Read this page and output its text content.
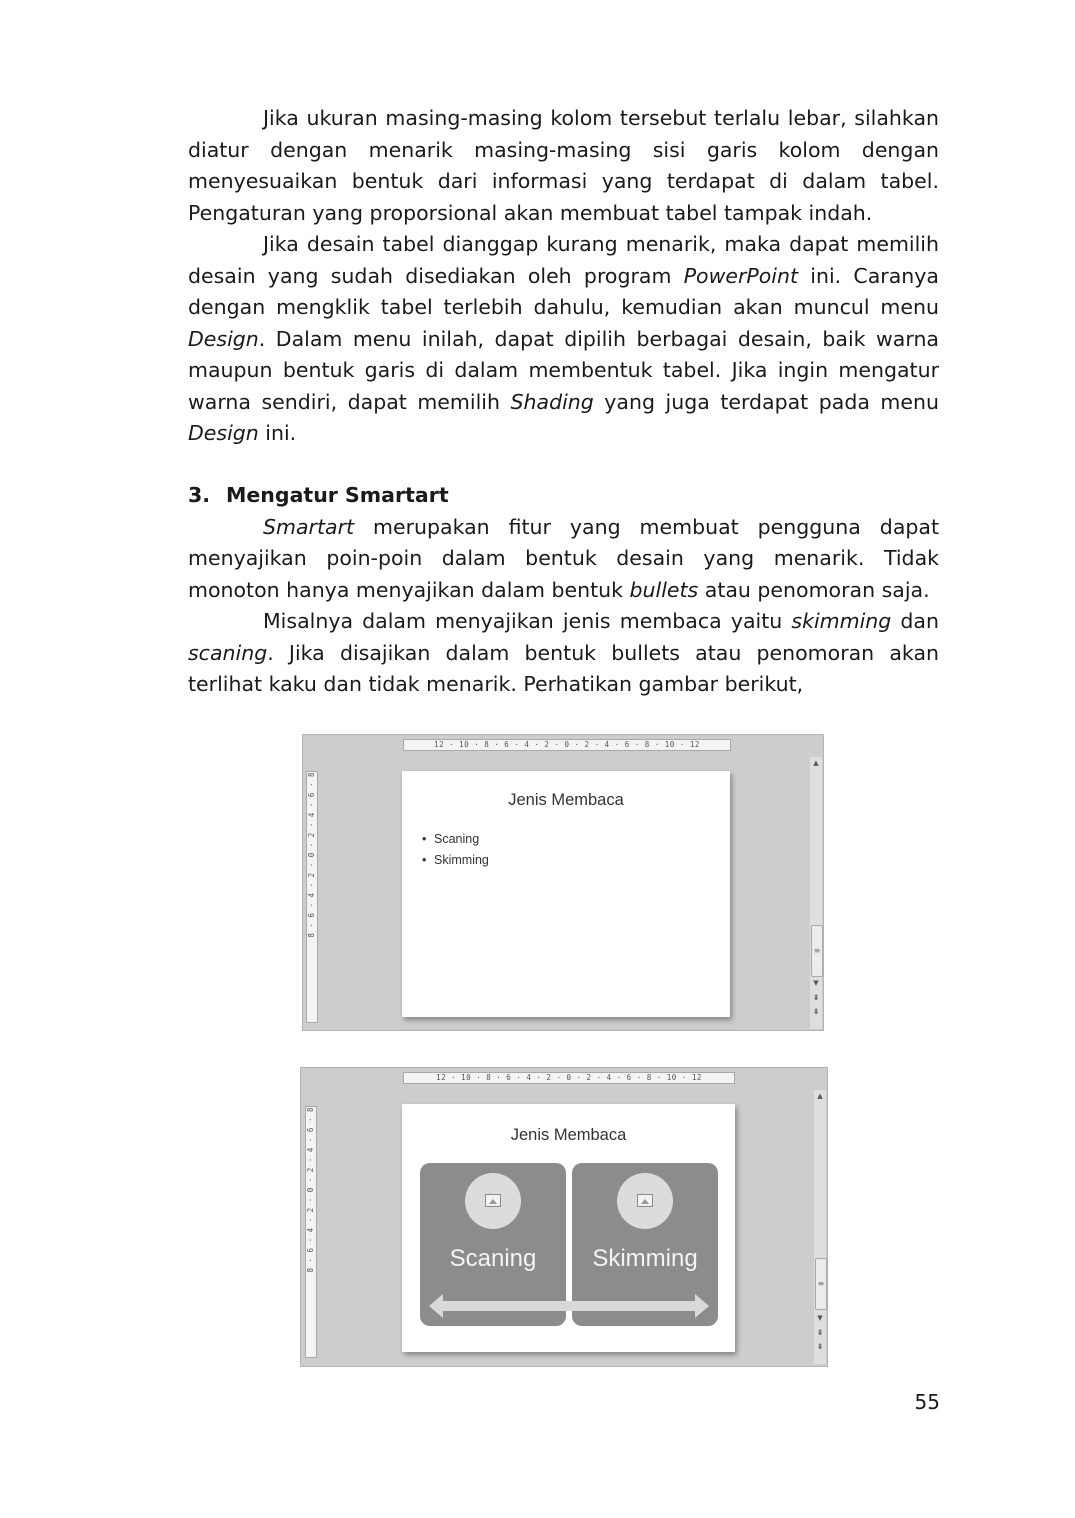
Jika ukuran masing-masing kolom tersebut terlalu lebar, silahkan diatur dengan menarik masing-masing sisi garis kolom dengan menyesuaikan bentuk dari informasi yang terdapat di dalam tabel. Pengaturan yang proporsional akan membuat tabel tampak indah.

Jika desain tabel dianggap kurang menarik, maka dapat memilih desain yang sudah disediakan oleh program PowerPoint ini. Caranya dengan mengklik tabel terlebih dahulu, kemudian akan muncul menu Design. Dalam menu inilah, dapat dipilih berbagai desain, baik warna maupun bentuk garis di dalam membentuk tabel. Jika ingin mengatur warna sendiri, dapat memilih Shading yang juga terdapat pada menu Design ini.

3. Mengatur Smartart

Smartart merupakan fitur yang membuat pengguna dapat menyajikan poin-poin dalam bentuk desain yang menarik. Tidak monoton hanya menyajikan dalam bentuk bullets atau penomoran saja.

Misalnya dalam menyajikan jenis membaca yaitu skimming dan scaning. Jika disajikan dalam bentuk bullets atau penomoran akan terlihat kaku dan tidak menarik. Perhatikan gambar berikut,

12 · 10 · 8 · 6 · 4 · 2 · 0 · 2 · 4 · 6 · 8 · 10 · 12
8 · 6 · 4 · 2 · 0 · 2 · 4 · 6 · 8
▲
≡
▼
⇟
⇟
Jenis Membaca
• Scaning
• Skimming
12 · 10 · 8 · 6 · 4 · 2 · 0 · 2 · 4 · 6 · 8 · 10 · 12
8 · 6 · 4 · 2 · 0 · 2 · 4 · 6 · 8
▲
≡
▼
⇟
⇟
Jenis Membaca
Scaning	Skimming
55
